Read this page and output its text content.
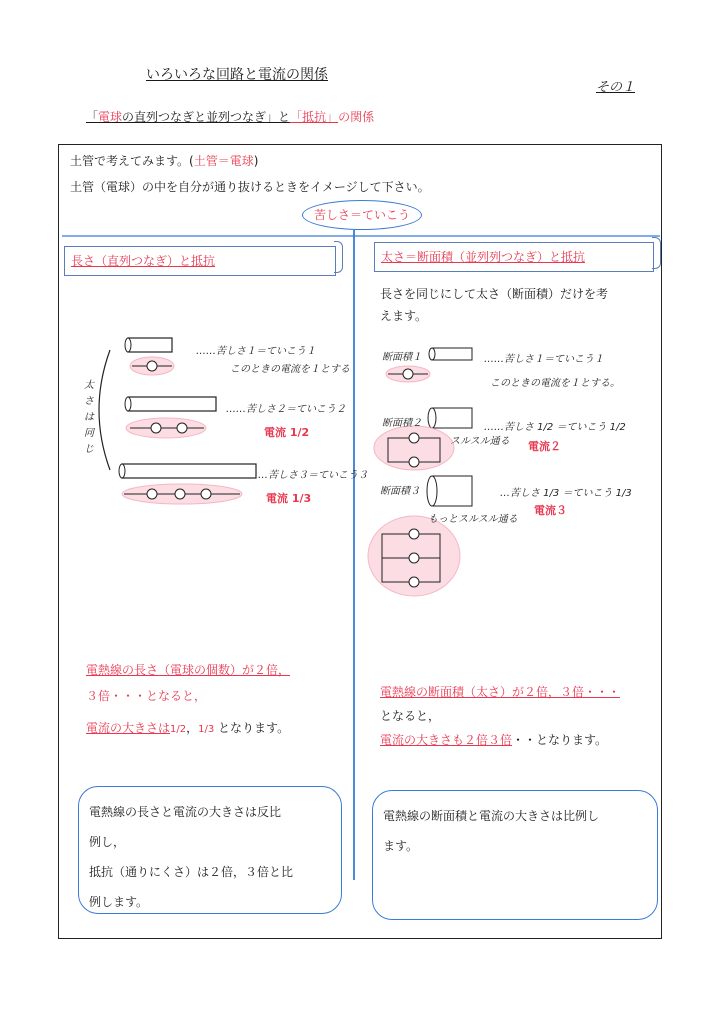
いろいろな回路と電流の関係
その１
「電球の直列つなぎと並列つなぎ」と「抵抗」の関係
土管で考えてみます。(土管＝電球)
土管（電球）の中を自分が通り抜けるときをイメージして下さい。
苦しさ＝ていこう
長さ（直列つなぎ）と抵抗	太さ＝断面積（並列列つなぎ）と抵抗
太さは同じ
……苦しさ１＝ていこう１
このときの電流を１とする
……苦しさ２＝ていこう２
電流 1/2
…苦しさ３＝ていこう３
電流 1/3
長さを同じにして太さ（断面積）だけを考
えます。
断面積１	……苦しさ１＝ていこう１
このときの電流を１とする。
断面積２	……苦しさ 1/2 ＝ていこう 1/2
スルスル通る 電流２
断面積３	…苦しさ 1/3 ＝ていこう 1/3
もっとスルスル通る
電流３
電熱線の長さ（電球の個数）が２倍，
３倍・・・となると，
電流の大きさは1/2，1/3 となります。
電熱線の断面積（太さ）が２倍，３倍・・・
となると，
電流の大きさも２倍３倍・・となります。
電熱線の長さと電流の大きさは反比
例し，
抵抗（通りにくさ）は２倍，３倍と比
例します。
電熱線の断面積と電流の大きさは比例し
ます。
